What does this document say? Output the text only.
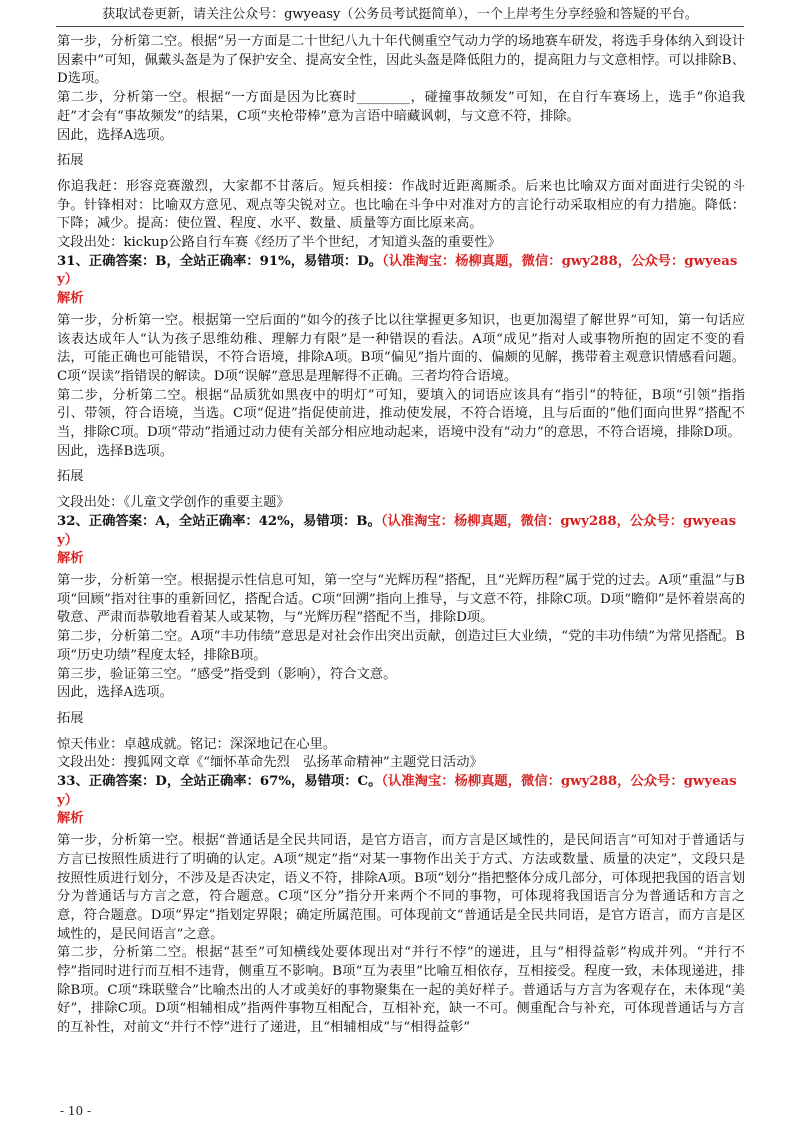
获取试卷更新，请关注公众号：gwyeasy（公务员考试挺简单），一个上岸考生分享经验和答疑的平台。

第一步，分析第二空。根据“另一方面是二十世纪八九十年代侧重空气动力学的场地赛车研发，将选手身体纳入到设计因素中”可知，佩戴头盔是为了保护安全、提高安全性，因此头盔是降低阻力的，提高阻力与文意相悖。可以排除B、D选项。

第二步，分析第一空。根据“一方面是因为比赛时________，碰撞事故频发”可知，在自行车赛场上，选手“你追我赶”才会有“事故频发”的结果，C项“夹枪带棒”意为言语中暗藏讽刺，与文意不符，排除。

因此，选择A选项。

拓展

你追我赶：形容竞赛激烈，大家都不甘落后。短兵相接：作战时近距离厮杀。后来也比喻双方面对面进行尖锐的斗争。针锋相对：比喻双方意见、观点等尖锐对立。也比喻在斗争中对准对方的言论行动采取相应的有力措施。降低：下降；减少。提高：使位置、程度、水平、数量、质量等方面比原来高。

文段出处：kickup公路自行车赛《经历了半个世纪，才知道头盔的重要性》

31、正确答案：B，全站正确率：91%，易错项：D。（认准淘宝：杨柳真题，微信：gwy288，公众号：gwyeasy）

解析

第一步，分析第一空。根据第一空后面的“如今的孩子比以往掌握更多知识，也更加渴望了解世界”可知，第一句话应该表达成年人“认为孩子思维幼稚、理解力有限”是一种错误的看法。A项“成见”指对人或事物所抱的固定不变的看法，可能正确也可能错误，不符合语境，排除A项。B项“偏见”指片面的、偏颇的见解，携带着主观意识情感看问题。C项“误读”指错误的解读。D项“误解”意思是理解得不正确。三者均符合语境。

第二步，分析第二空。根据“品质犹如黑夜中的明灯”可知，要填入的词语应该具有“指引”的特征，B项“引领”指指引、带领，符合语境，当选。C项“促进”指促使前进，推动使发展，不符合语境，且与后面的“他们面向世界”搭配不当，排除C项。D项“带动”指通过动力使有关部分相应地动起来，语境中没有“动力”的意思，不符合语境，排除D项。

因此，选择B选项。

拓展

文段出处：《儿童文学创作的重要主题》

32、正确答案：A，全站正确率：42%，易错项：B。（认准淘宝：杨柳真题，微信：gwy288，公众号：gwyeasy）

解析

第一步，分析第一空。根据提示性信息可知，第一空与“光辉历程”搭配，且“光辉历程”属于党的过去。A项“重温”与B项“回顾”指对往事的重新回忆，搭配合适。C项“回溯”指向上推导，与文意不符，排除C项。D项“瞻仰”是怀着崇高的敬意、严肃而恭敬地看着某人或某物，与“光辉历程”搭配不当，排除D项。

第二步，分析第二空。A项“丰功伟绩”意思是对社会作出突出贡献，创造过巨大业绩，“党的丰功伟绩”为常见搭配。B项“历史功绩”程度太轻，排除B项。

第三步，验证第三空。“感受”指受到（影响），符合文意。

因此，选择A选项。

拓展

惊天伟业：卓越成就。铭记：深深地记在心里。

文段出处：搜狐网文章《“缅怀革命先烈　弘扬革命精神”主题党日活动》

33、正确答案：D，全站正确率：67%，易错项：C。（认准淘宝：杨柳真题，微信：gwy288，公众号：gwyeasy）

解析

第一步，分析第一空。根据“普通话是全民共同语，是官方语言，而方言是区域性的，是民间语言”可知对于普通话与方言已按照性质进行了明确的认定。A项“规定”指“对某一事物作出关于方式、方法或数量、质量的决定”，文段只是按照性质进行划分，不涉及是否决定，语义不符，排除A项。B项“划分”指把整体分成几部分，可体现把我国的语言划分为普通话与方言之意，符合题意。C项“区分”指分开来两个不同的事物，可体现将我国语言分为普通话和方言之意，符合题意。D项“界定”指划定界限；确定所属范围。可体现前文“普通话是全民共同语，是官方语言，而方言是区域性的，是民间语言”之意。

第二步，分析第二空。根据“甚至”可知横线处要体现出对“并行不悖”的递进，且与“相得益彰”构成并列。“并行不悖”指同时进行而互相不违背，侧重互不影响。B项“互为表里”比喻互相依存，互相接受。程度一致，未体现递进，排除B项。C项“珠联璧合”比喻杰出的人才或美好的事物聚集在一起的美好样子。普通话与方言为客观存在，未体现“美好”，排除C项。D项“相辅相成”指两件事物互相配合，互相补充，缺一不可。侧重配合与补充，可体现普通话与方言的互补性，对前文“并行不悖”进行了递进，且“相辅相成”与“相得益彰”

- 10 -
